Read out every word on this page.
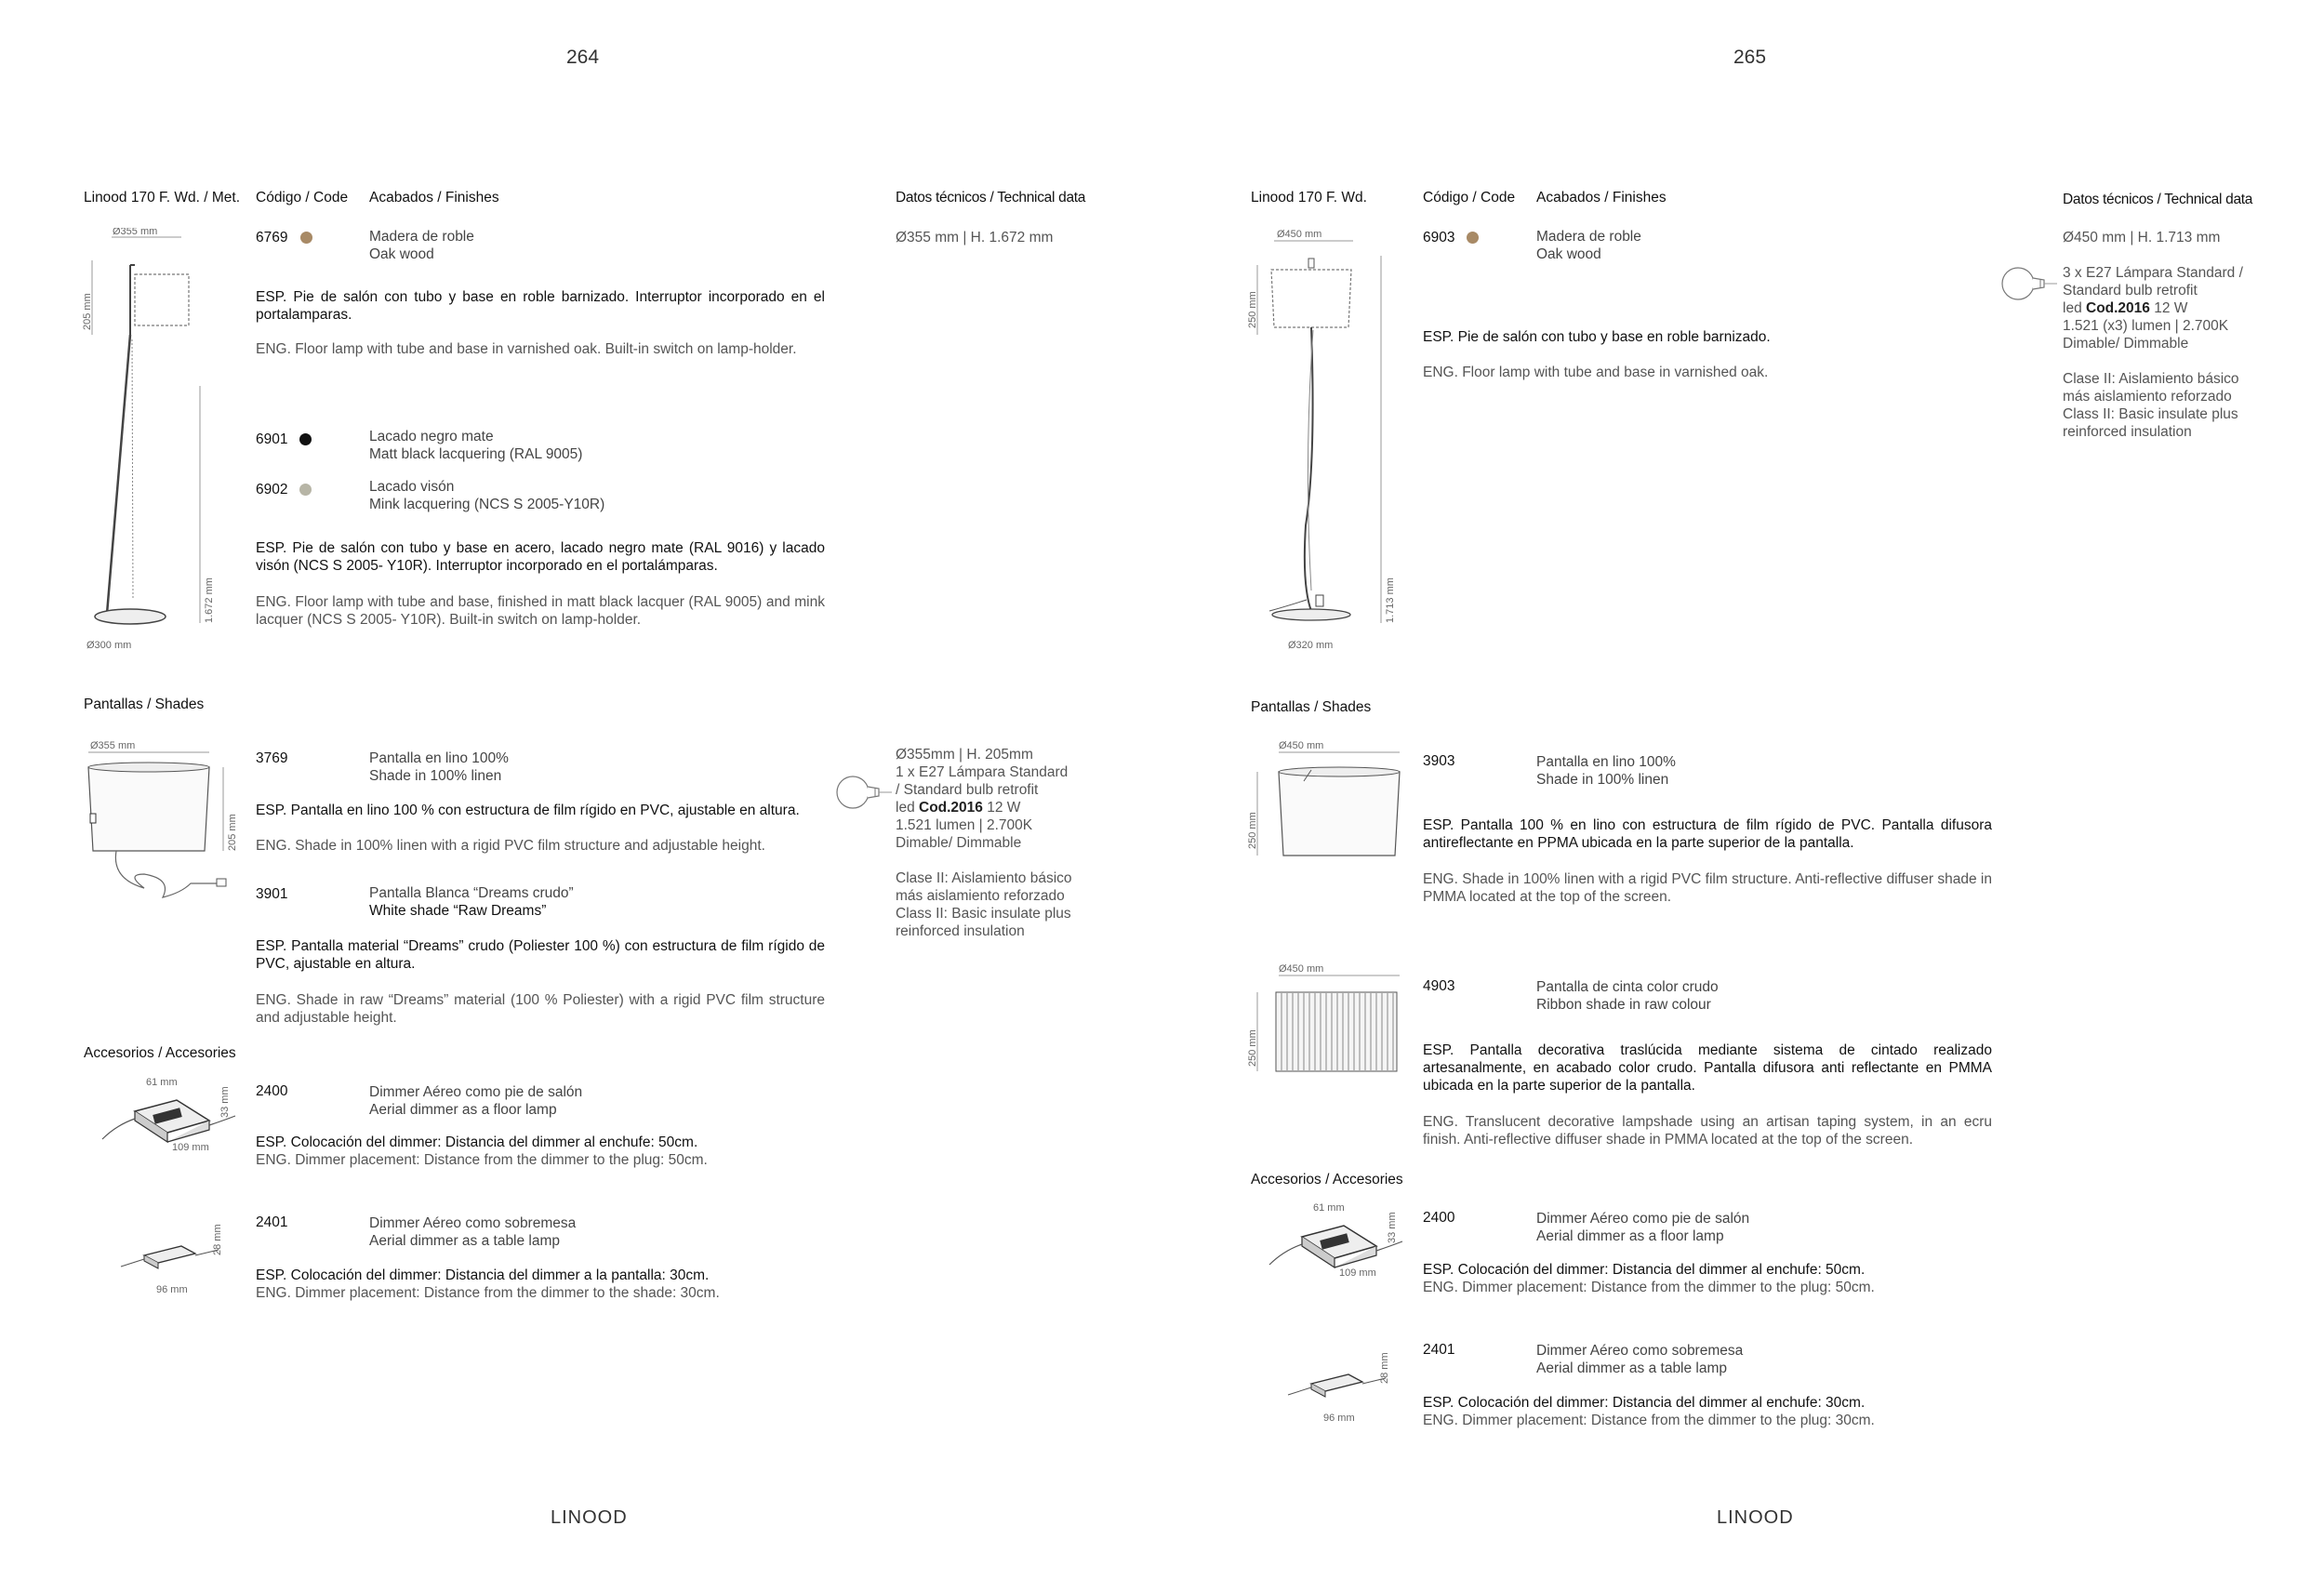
264
Linood 170 F. Wd. / Met. Código / Code Acabados / Finishes	Datos técnicos / Technical data
Ø355 mm
205 mm
1.672 mm
Ø300 mm
6769	Madera de roble
Oak wood
ESP. Pie de salón con tubo y base en roble barnizado. Interruptor incorporado en el portalamparas.
ENG. Floor lamp with tube and base in varnished oak. Built-in switch on lamp-holder.
6901	Lacado negro mate
Matt black lacquering (RAL 9005)
6902	Lacado visón
Mink lacquering (NCS S 2005-Y10R)
ESP. Pie de salón con tubo y base en acero, lacado negro mate (RAL 9016) y lacado visón (NCS S 2005- Y10R). Interruptor incorporado en el portalámparas.
ENG. Floor lamp with tube and base, finished in matt black lacquer (RAL 9005) and mink lacquer (NCS S 2005- Y10R). Built-in switch on lamp-holder.
Ø355 mm | H. 1.672 mm
Pantallas / Shades
Ø355 mm
205 mm
3769	Pantalla en lino 100%
Shade in 100% linen
ESP. Pantalla en lino 100 % con estructura de film rígido en PVC, ajustable en altura.
ENG. Shade in 100% linen with a rigid PVC film structure and adjustable height.
3901	Pantalla Blanca “Dreams crudo”
White shade “Raw Dreams”
ESP. Pantalla material “Dreams” crudo (Poliester 100 %) con estructura de film rígido de PVC, ajustable en altura.
ENG. Shade in raw “Dreams” material (100 % Poliester) with a rigid PVC film structure and adjustable height.
Ø355mm | H. 205mm
1 x E27 Lámpara Standard
/ Standard bulb retrofit
led Cod.2016 12 W
1.521 lumen | 2.700K
Dimable/ Dimmable
Clase II: Aislamiento básico
más aislamiento reforzado
Class II: Basic insulate plus
reinforced insulation
Accesorios / Accesories
61 mm
33 mm
109 mm
2400	Dimmer Aéreo como pie de salón
Aerial dimmer as a floor lamp
ESP. Colocación del dimmer: Distancia del dimmer al enchufe: 50cm.
ENG. Dimmer placement: Distance from the dimmer to the plug: 50cm.
28 mm
96 mm
2401	Dimmer Aéreo como sobremesa
Aerial dimmer as a table lamp
ESP. Colocación del dimmer: Distancia del dimmer a la pantalla: 30cm.
ENG. Dimmer placement: Distance from the dimmer to the shade: 30cm.
LINOOD
265
Linood 170 F. Wd.	Código / Code Acabados / Finishes	Datos técnicos / Technical data
Ø450 mm
250 mm
1.713 mm
Ø320 mm
6903	Madera de roble
Oak wood
ESP. Pie de salón con tubo y base en roble barnizado.
ENG. Floor lamp with tube and base in varnished oak.
Ø450 mm | H. 1.713 mm
3 x E27 Lámpara Standard /
Standard bulb retrofit
led Cod.2016 12 W
1.521 (x3) lumen | 2.700K
Dimable/ Dimmable
Clase II: Aislamiento básico
más aislamiento reforzado
Class II: Basic insulate plus
reinforced insulation
Pantallas / Shades
Ø450 mm
250 mm
3903	Pantalla en lino 100%
Shade in 100% linen
ESP. Pantalla 100 % en lino con estructura de film rígido de PVC. Pantalla difusora antireflectante en PPMA ubicada en la parte superior de la pantalla.
ENG. Shade in 100% linen with a rigid PVC film structure. Anti-reflective diffuser shade in PMMA located at the top of the screen.
Ø450 mm
250 mm
4903	Pantalla de cinta color crudo
Ribbon shade in raw colour
ESP. Pantalla decorativa traslúcida mediante sistema de cintado realizado artesanalmente, en acabado color crudo. Pantalla difusora anti reflectante en PMMA ubicada en la parte superior de la pantalla.
ENG. Translucent decorative lampshade using an artisan taping system, in an ecru finish. Anti-reflective diffuser shade in PMMA located at the top of the screen.
Accesorios / Accesories
61 mm
33 mm
109 mm
2400	Dimmer Aéreo como pie de salón
Aerial dimmer as a floor lamp
ESP. Colocación del dimmer: Distancia del dimmer al enchufe: 50cm.
ENG. Dimmer placement: Distance from the dimmer to the plug: 50cm.
28 mm
96 mm
2401	Dimmer Aéreo como sobremesa
Aerial dimmer as a table lamp
ESP. Colocación del dimmer: Distancia del dimmer al enchufe: 30cm.
ENG. Dimmer placement: Distance from the dimmer to the plug: 30cm.
LINOOD
